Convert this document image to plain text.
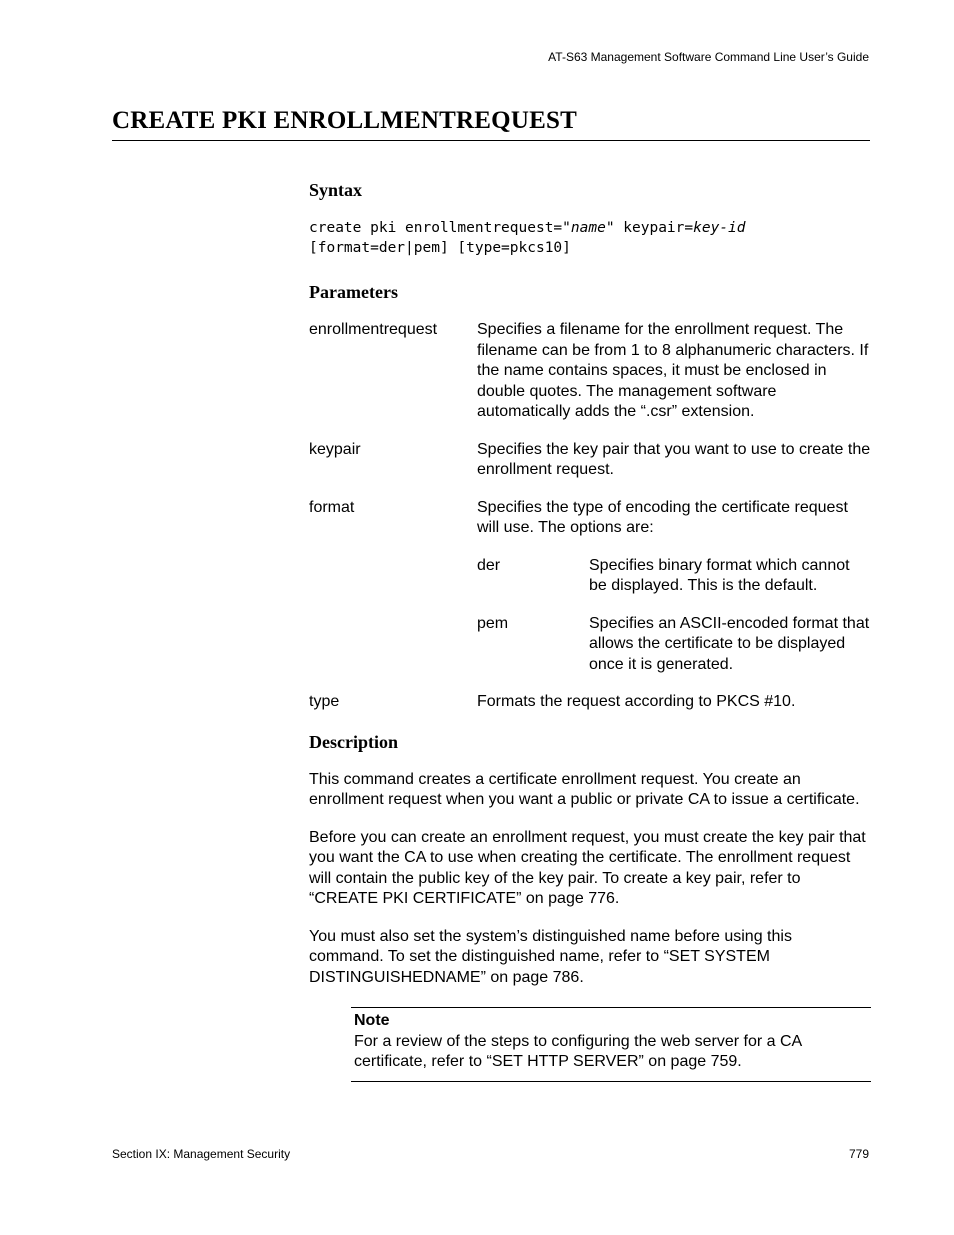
AT-S63 Management Software Command Line User’s Guide
CREATE PKI ENROLLMENTREQUEST
Syntax
create pki enrollmentrequest="name" keypair=key-id
[format=der|pem] [type=pkcs10]
Parameters
enrollmentrequest	Specifies a filename for the enrollment request. The filename can be from 1 to 8 alphanumeric characters. If the name contains spaces, it must be enclosed in double quotes. The management software automatically adds the “.csr” extension.
keypair	Specifies the key pair that you want to use to create the enrollment request.
format	Specifies the type of encoding the certificate request will use. The options are:
der	Specifies binary format which cannot be displayed. This is the default.
pem	Specifies an ASCII-encoded format that allows the certificate to be displayed once it is generated.
type	Formats the request according to PKCS #10.
Description

This command creates a certificate enrollment request. You create an enrollment request when you want a public or private CA to issue a certificate.

Before you can create an enrollment request, you must create the key pair that you want the CA to use when creating the certificate. The enrollment request will contain the public key of the key pair. To create a key pair, refer to “CREATE PKI CERTIFICATE” on page 776.

You must also set the system’s distinguished name before using this command. To set the distinguished name, refer to “SET SYSTEM DISTINGUISHEDNAME” on page 786.

Note
For a review of the steps to configuring the web server for a CA certificate, refer to “SET HTTP SERVER” on page 759.
Section IX: Management Security	779
